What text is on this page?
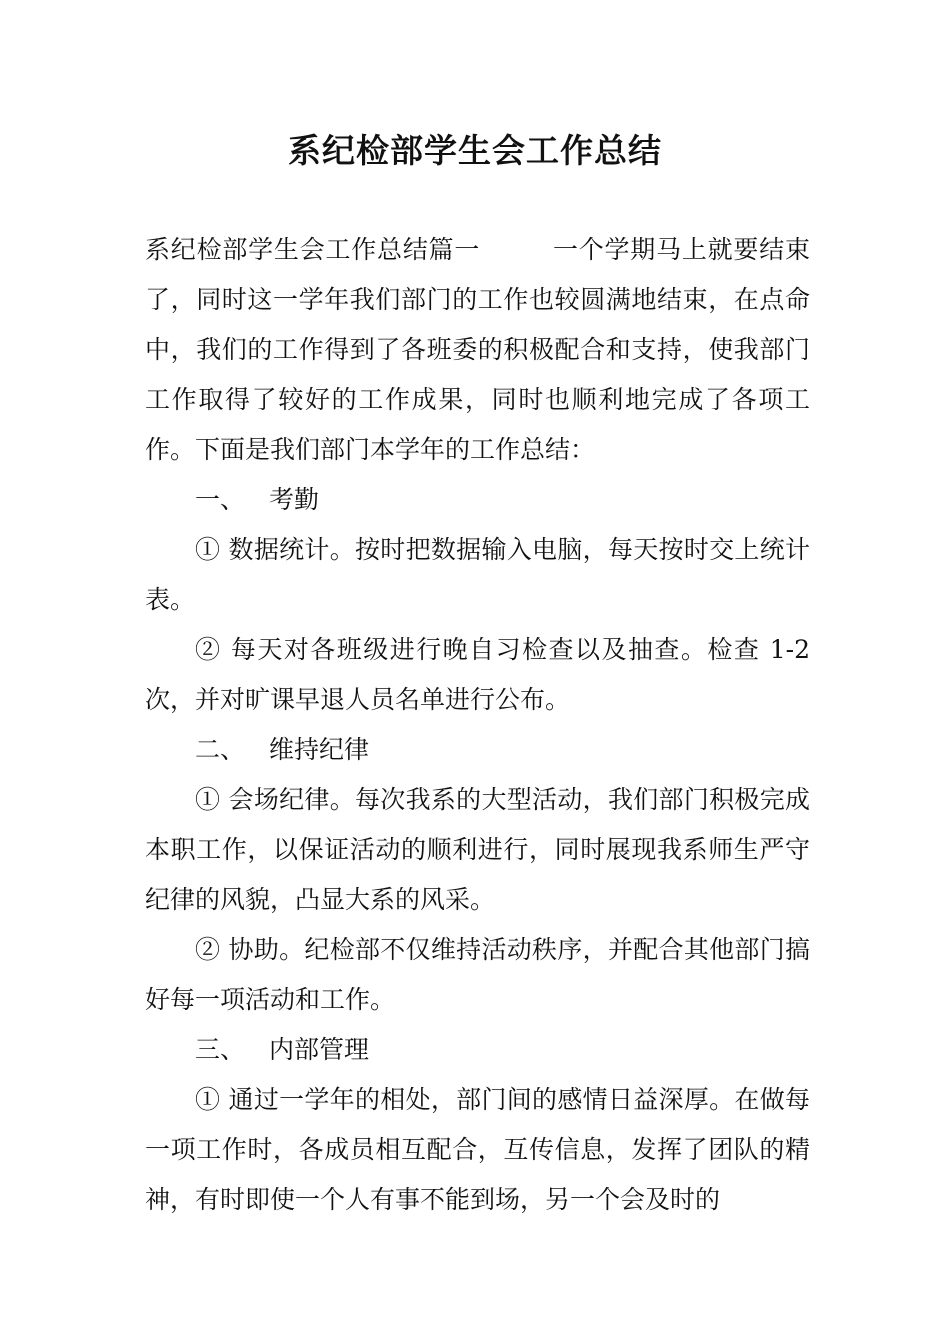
系纪检部学生会工作总结

系纪检部学生会工作总结篇一	一个学期马上就要结束了，同时这一学年我们部门的工作也较圆满地结束，在点命中，我们的工作得到了各班委的积极配合和支持，使我部门工作取得了较好的工作成果，同时也顺利地完成了各项工作。下面是我们部门本学年的工作总结：

一、 考勤

① 数据统计。按时把数据输入电脑，每天按时交上统计表。

② 每天对各班级进行晚自习检查以及抽查。检查 1-2 次，并对旷课早退人员名单进行公布。

二、 维持纪律

① 会场纪律。每次我系的大型活动，我们部门积极完成本职工作，以保证活动的顺利进行，同时展现我系师生严守纪律的风貌，凸显大系的风采。

② 协助。纪检部不仅维持活动秩序，并配合其他部门搞好每一项活动和工作。

三、 内部管理

① 通过一学年的相处，部门间的感情日益深厚。在做每一项工作时，各成员相互配合，互传信息，发挥了团队的精神，有时即使一个人有事不能到场，另一个会及时的
